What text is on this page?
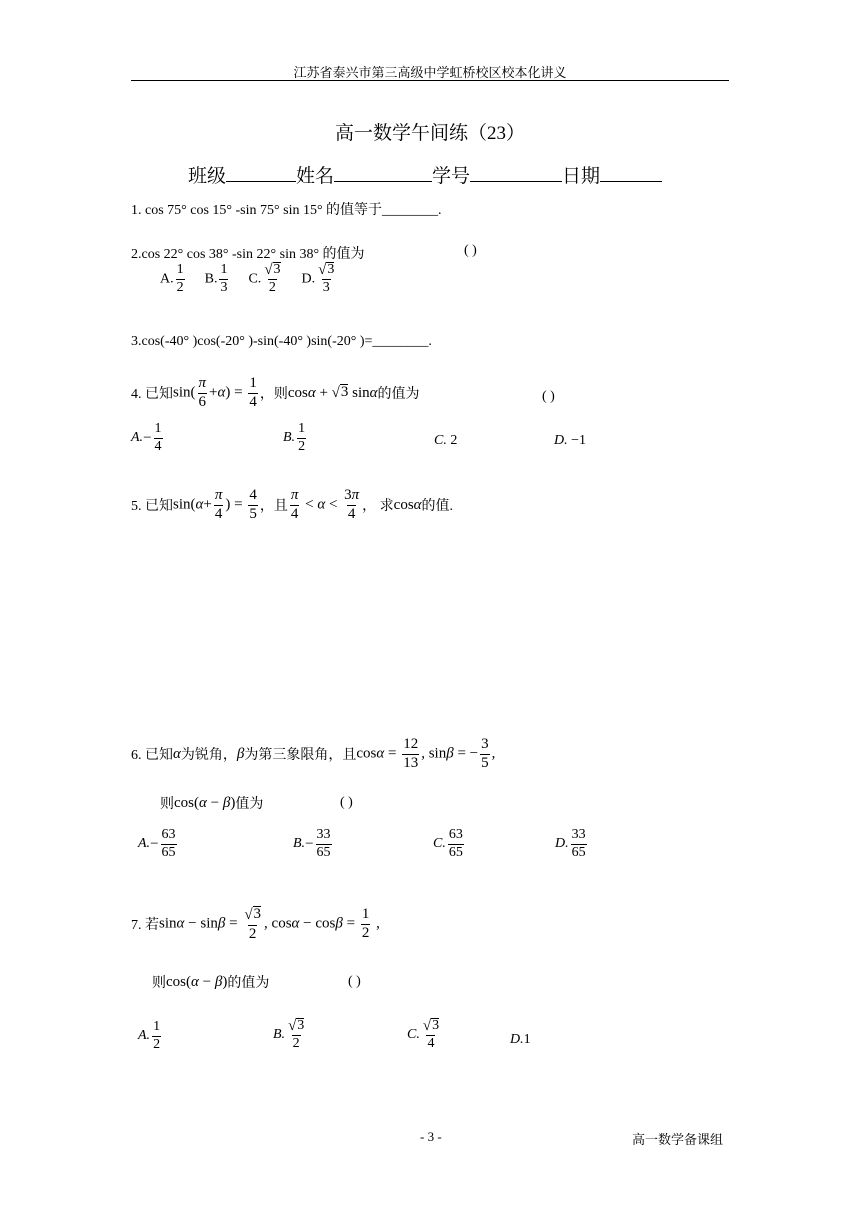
江苏省泰兴市第三高级中学虹桥校区校本化讲义
高一数学午间练（23）
班级	姓名	学号	日期
1. cos 75° cos 15° -sin 75° sin 15° 的值等于________.
2.cos 22° cos 38° -sin 22° sin 38° 的值为	( )
A. $\frac{1}{2} B$. $\frac{1}{3} C$. $\frac{√ 3}{2} D$. $\frac{√ 3}{3}$
3.cos(-40° )cos(-20° )-sin(-40° )sin(-20° )=________.
4. 已知 $\sin( \frac{\pi}{6} +\alpha) = \frac{1}{4}$ ，则 cosα + √ 3 sinα 的值为	( )
A. − $\frac{1}{4}$	B. $\frac{1}{2}$	C. 2	D. −1
5. 已知 $\sin(\alpha+ \frac{\pi}{4}$ ) = $\frac{4}{5}$ ，且 $\frac{\pi}{4} < \alpha < \frac{3\pi}{4}$ ， 求 cosα 的值.
6. 已知 α 为锐角， β 为第三象限角，且 $\cos\alpha = \frac{12}{13}$ , sinβ = − $\frac{3}{5}$ ,
则 cos(α − β) 值为	( )
A. − $\frac{63}{65}$	B. − $\frac{33}{65}$	C. $\frac{63}{65}$	D. $\frac{33}{65}$
7. 若 $\sin\alpha - \sin\beta = \frac{√ 3}{2}$ , $\cos\alpha - \cos\beta = \frac{1}{2}$ ,
则 cos(α − β) 的值为	( )
A. $\frac{1}{2}$	B. $\frac{√ 3}{2}$	C. $\frac{√ 3}{4}$	D.1
- 3 -	高一数学备课组
